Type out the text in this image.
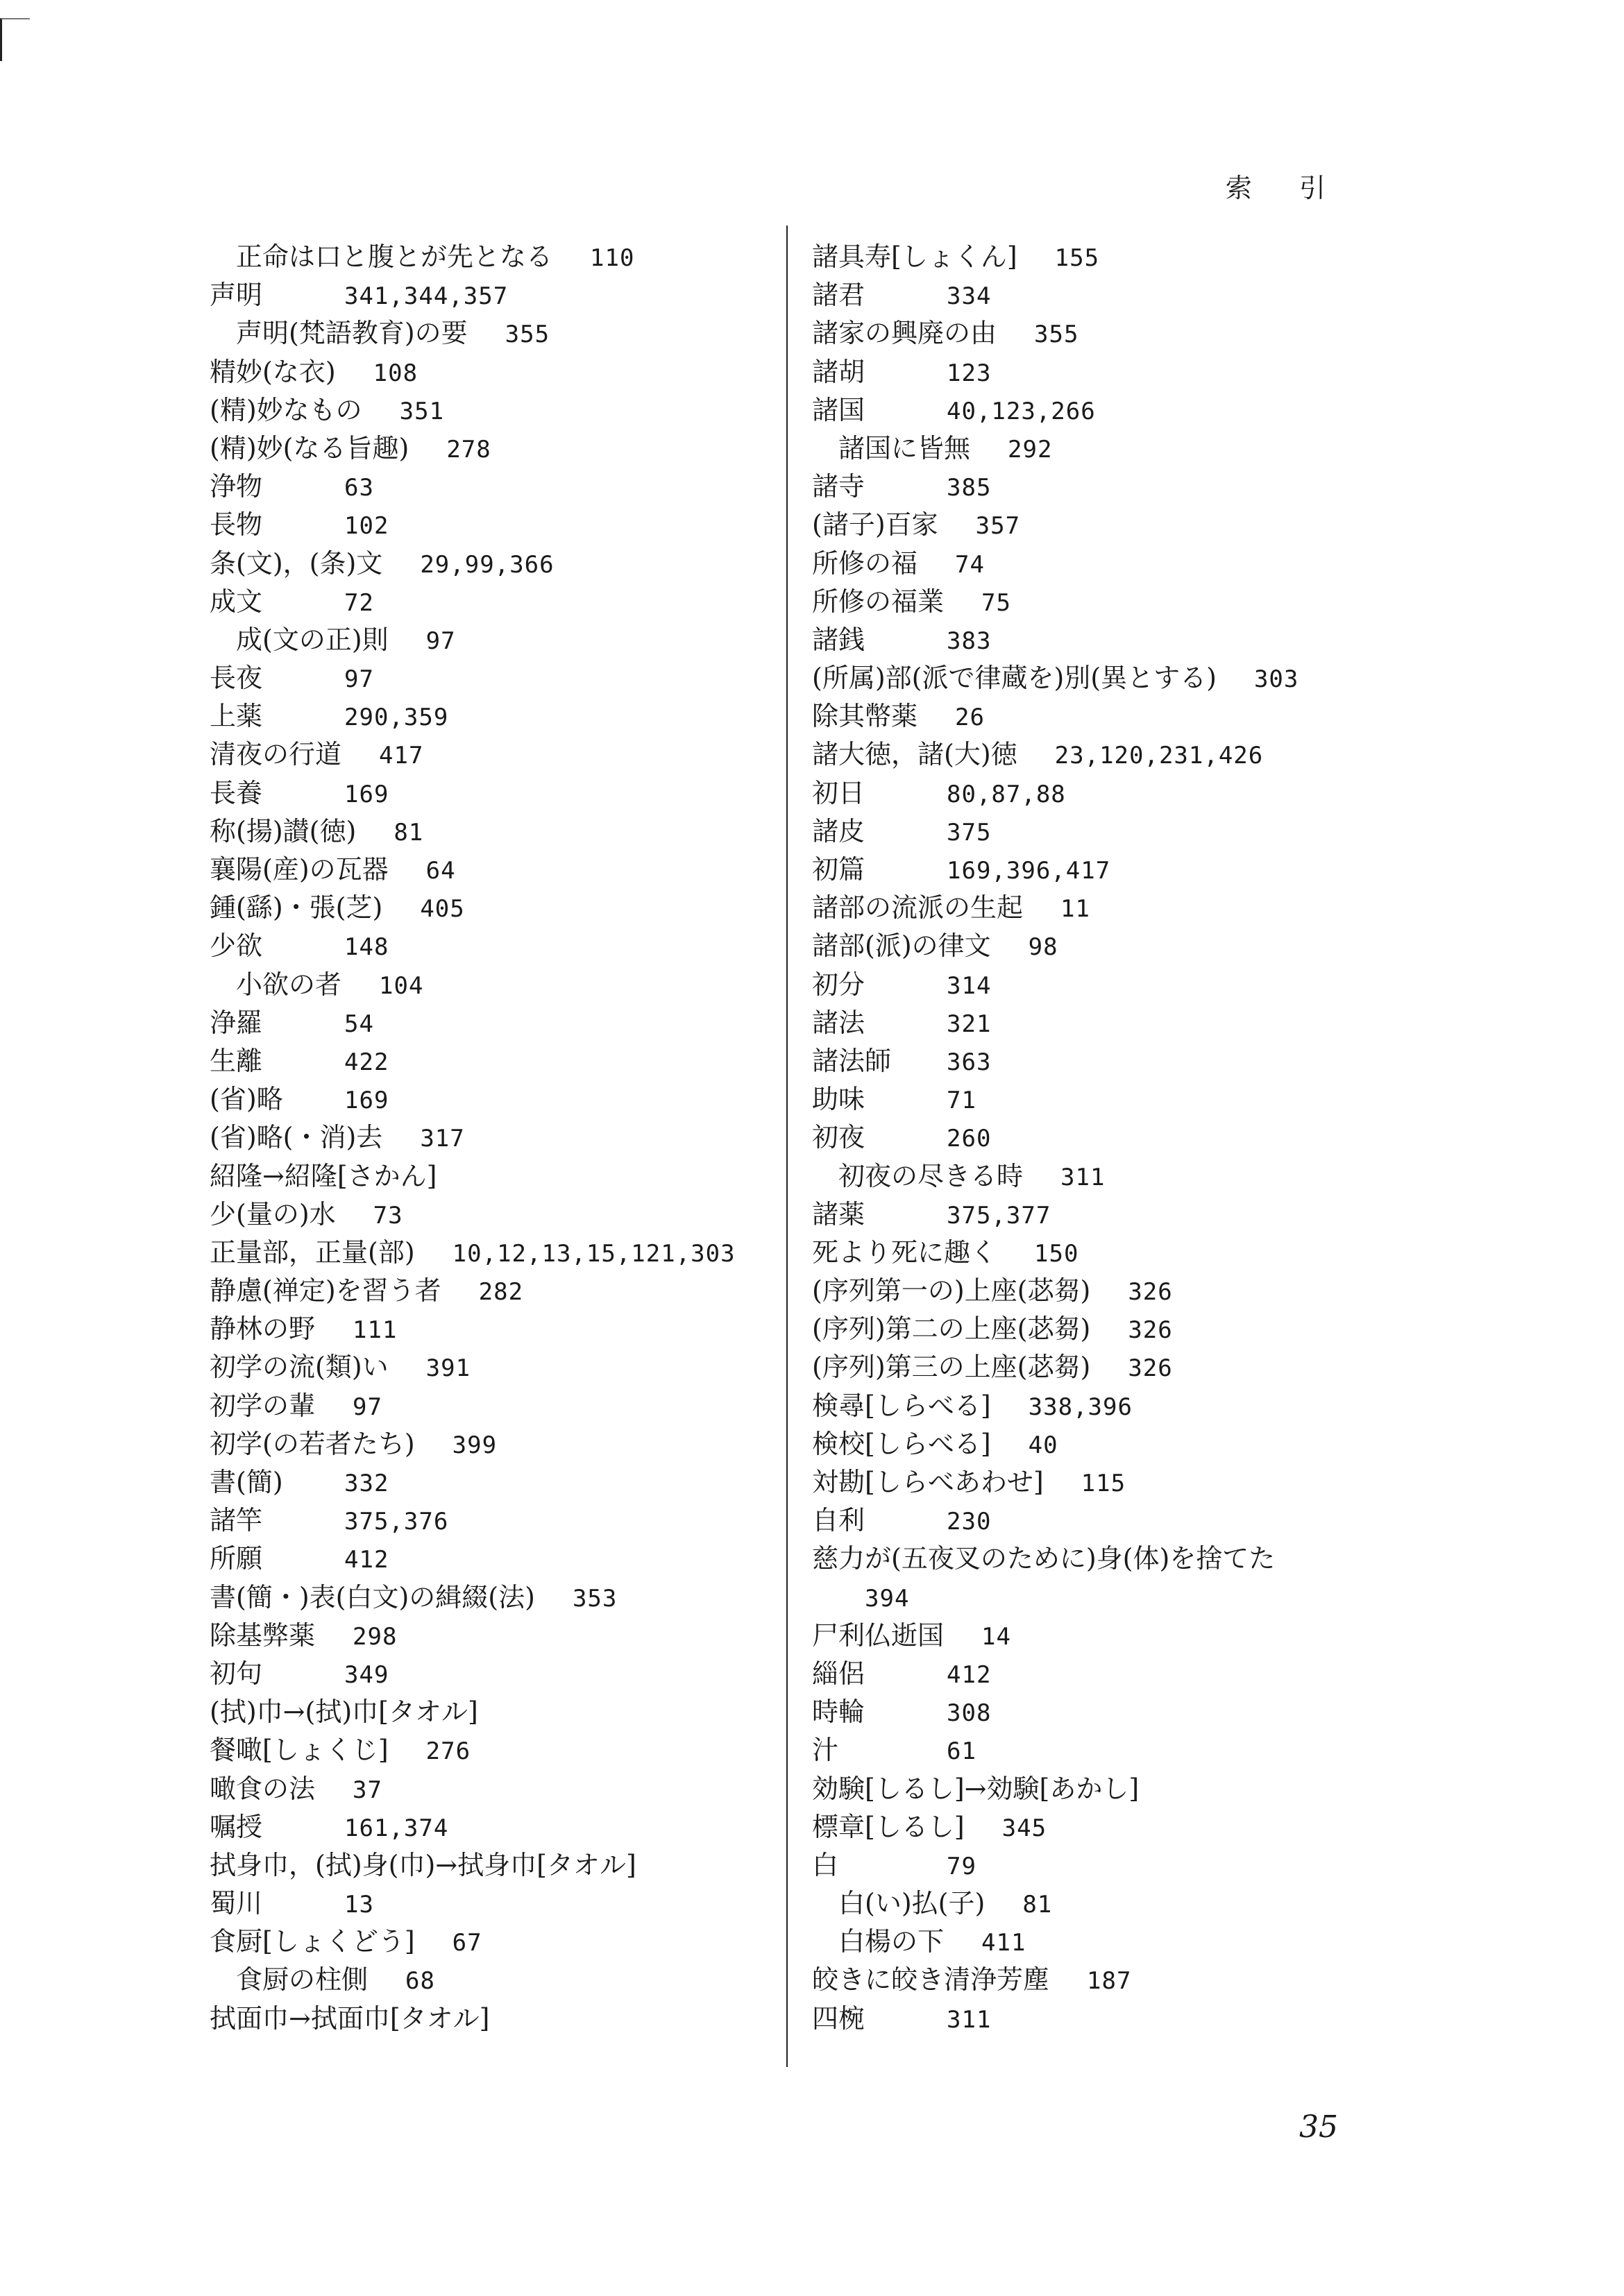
索 引
正命は口と腹とが先となる 110
声明	341,344,357
声明(梵語教育)の要 355
精妙(な衣) 108
(精)妙なもの 351
(精)妙(なる旨趣) 278
浄物	63
長物	102
条(文)，(条)文 29,99,366
成文	72
成(文の正)則 97
長夜	97
上薬	290,359
清夜の行道 417
長養	169
称(揚)讃(徳) 81
襄陽(産)の瓦器 64
鍾(繇)・張(芝) 405
少欲	148
小欲の者 104
浄羅	54
生離	422
(省)略	169
(省)略(・消)去 317
紹隆→紹隆[さかん]
少(量の)水 73
正量部，正量(部) 10,12,13,15,121,303
静慮(禅定)を習う者 282
静林の野 111
初学の流(類)い 391
初学の輩 97
初学(の若者たち) 399
書(簡)	332
諸竿	375,376
所願	412
書(簡・)表(白文)の緝綴(法) 353
除基弊薬 298
初句	349
(拭)巾→(拭)巾[タオル]
餐噉[しょくじ] 276
噉食の法 37
嘱授	161,374
拭身巾，(拭)身(巾)→拭身巾[タオル]
蜀川	13
食厨[しょくどう] 67
食厨の柱側 68
拭面巾→拭面巾[タオル]
諸具寿[しょくん] 155
諸君	334
諸家の興廃の由 355
諸胡	123
諸国	40,123,266
諸国に皆無 292
諸寺	385
(諸子)百家 357
所修の福 74
所修の福業 75
諸銭	383
(所属)部(派で律蔵を)別(異とする) 303
除其幣薬 26
諸大徳，諸(大)徳 23,120,231,426
初日	80,87,88
諸皮	375
初篇	169,396,417
諸部の流派の生起 11
諸部(派)の律文 98
初分	314
諸法	321
諸法師 363
助味	71
初夜	260
初夜の尽きる時 311
諸薬	375,377
死より死に趣く 150
(序列第一の)上座(苾芻) 326
(序列)第二の上座(苾芻) 326
(序列)第三の上座(苾芻) 326
検尋[しらべる] 338,396
検校[しらべる] 40
対勘[しらべあわせ] 115
自利	230
慈力が(五夜叉のために)身(体)を捨てた
394
尸利仏逝国 14
緇侶	412
時輪	308
汁	61
効験[しるし]→効験[あかし]
標章[しるし] 345
白	79
白(い)払(子) 81
白楊の下 411
皎きに皎き清浄芳塵 187
四椀	311
35
